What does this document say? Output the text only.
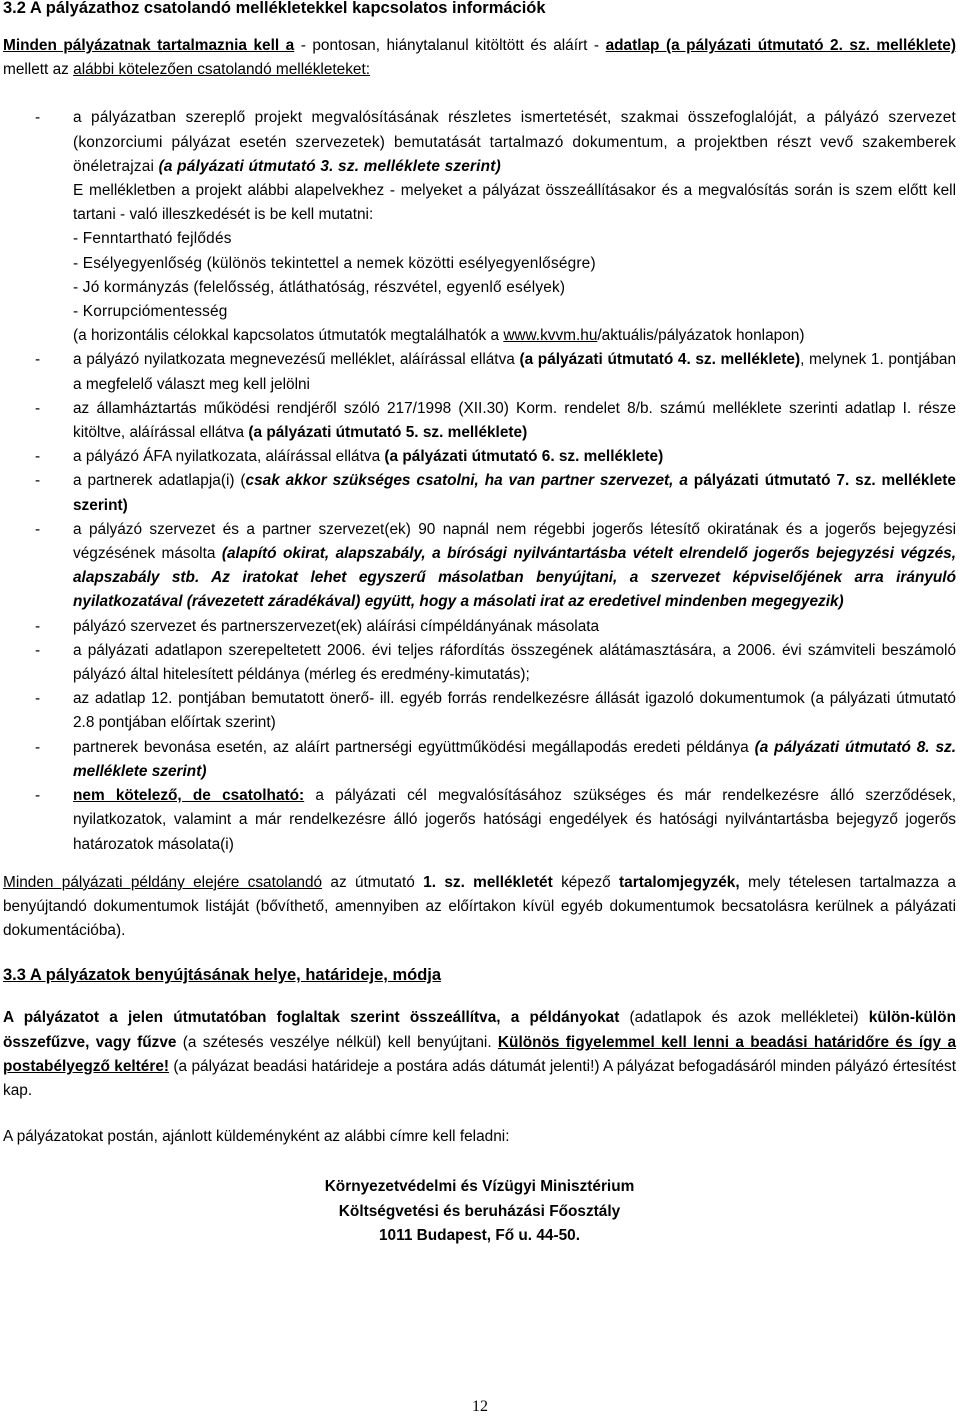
3.2 A pályázathoz csatolandó mellékletekkel kapcsolatos információk

Minden pályázatnak tartalmaznia kell a - pontosan, hiánytalanul kitöltött és aláírt - adatlap (a pályázati útmutató 2. sz. melléklete) mellett az alábbi kötelezően csatolandó mellékleteket:

- a pályázatban szereplő projekt megvalósításának részletes ismertetését, szakmai összefoglalóját, a pályázó szervezet (konzorciumi pályázat esetén szervezetek) bemutatását tartalmazó dokumentum, a projektben részt vevő szakemberek önéletrajzai (a pályázati útmutató 3. sz. melléklete szerint)
E mellékletben a projekt alábbi alapelvekhez - melyeket a pályázat összeállításakor és a megvalósítás során is szem előtt kell tartani - való illeszkedését is be kell mutatni:
- Fenntartható fejlődés
- Esélyegyenlőség (különös tekintettel a nemek közötti esélyegyenlőségre)
- Jó kormányzás (felelősség, átláthatóság, részvétel, egyenlő esélyek)
- Korrupciómentesség
(a horizontális célokkal kapcsolatos útmutatók megtalálhatók a www.kvvm.hu/aktuális/pályázatok honlapon)
- a pályázó nyilatkozata megnevezésű melléklet, aláírással ellátva (a pályázati útmutató 4. sz. melléklete), melynek 1. pontjában a megfelelő választ meg kell jelölni
- az államháztartás működési rendjéről szóló 217/1998 (XII.30) Korm. rendelet 8/b. számú melléklete szerinti adatlap I. része kitöltve, aláírással ellátva (a pályázati útmutató 5. sz. melléklete)
- a pályázó ÁFA nyilatkozata, aláírással ellátva (a pályázati útmutató 6. sz. melléklete)
- a partnerek adatlapja(i) (csak akkor szükséges csatolni, ha van partner szervezet, a pályázati útmutató 7. sz. melléklete szerint)
- a pályázó szervezet és a partner szervezet(ek) 90 napnál nem régebbi jogerős létesítő okiratának és a jogerős bejegyzési végzésének másolta (alapító okirat, alapszabály, a bírósági nyilvántartásba vételt elrendelő jogerős bejegyzési végzés, alapszabály stb. Az iratokat lehet egyszerű másolatban benyújtani, a szervezet képviselőjének arra irányuló nyilatkozatával (rávezetett záradékával) együtt, hogy a másolati irat az eredetivel mindenben megegyezik)
- pályázó szervezet és partnerszervezet(ek) aláírási címpéldányának másolata
- a pályázati adatlapon szerepeltetett 2006. évi teljes ráfordítás összegének alátámasztására, a 2006. évi számviteli beszámoló pályázó által hitelesített példánya (mérleg és eredmény-kimutatás);
- az adatlap 12. pontjában bemutatott önerő- ill. egyéb forrás rendelkezésre állását igazoló dokumentumok (a pályázati útmutató 2.8 pontjában előírtak szerint)
- partnerek bevonása esetén, az aláírt partnerségi együttműködési megállapodás eredeti példánya (a pályázati útmutató 8. sz. melléklete szerint)
- nem kötelező, de csatolható: a pályázati cél megvalósításához szükséges és már rendelkezésre álló szerződések, nyilatkozatok, valamint a már rendelkezésre álló jogerős hatósági engedélyek és hatósági nyilvántartásba bejegyző jogerős határozatok másolata(i)

Minden pályázati példány elejére csatolandó az útmutató 1. sz. mellékletét képező tartalomjegyzék, mely tételesen tartalmazza a benyújtandó dokumentumok listáját (bővíthető, amennyiben az előírtakon kívül egyéb dokumentumok becsatolásra kerülnek a pályázati dokumentációba).

3.3 A pályázatok benyújtásának helye, határideje, módja

A pályázatot a jelen útmutatóban foglaltak szerint összeállítva, a példányokat (adatlapok és azok mellékletei) külön-külön összefűzve, vagy fűzve (a szétesés veszélye nélkül) kell benyújtani. Különös figyelemmel kell lenni a beadási határidőre és így a postabélyegző keltére! (a pályázat beadási határideje a postára adás dátumát jelenti!) A pályázat befogadásáról minden pályázó értesítést kap.

A pályázatokat postán, ajánlott küldeményként az alábbi címre kell feladni:

Környezetvédelmi és Vízügyi Minisztérium
Költségvetési és beruházási Főosztály
1011 Budapest, Fő u. 44-50.
12
